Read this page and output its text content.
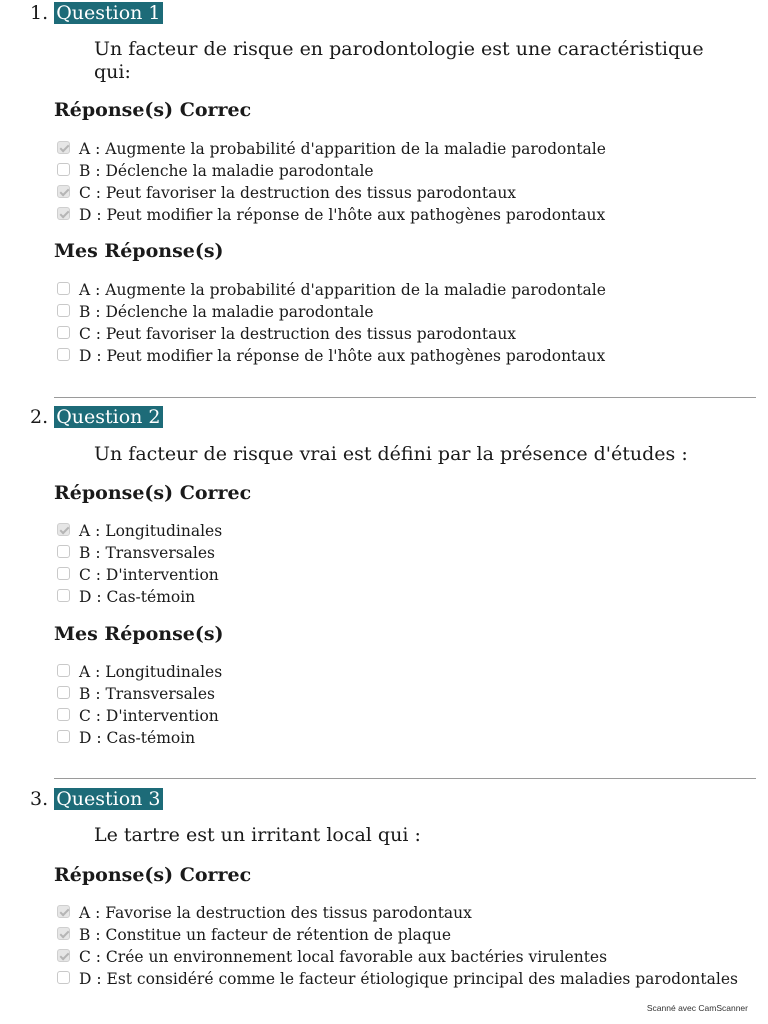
1. Question 1
Un facteur de risque en parodontologie est une caractéristique qui:
Réponse(s) Correc
A : Augmente la probabilité d'apparition de la maladie parodontale
B : Déclenche la maladie parodontale
C : Peut favoriser la destruction des tissus parodontaux
D : Peut modifier la réponse de l'hôte aux pathogènes parodontaux
Mes Réponse(s)
A : Augmente la probabilité d'apparition de la maladie parodontale
B : Déclenche la maladie parodontale
C : Peut favoriser la destruction des tissus parodontaux
D : Peut modifier la réponse de l'hôte aux pathogènes parodontaux
2. Question 2
Un facteur de risque vrai est défini par la présence d'études :
Réponse(s) Correc
A : Longitudinales
B : Transversales
C : D'intervention
D : Cas-témoin
Mes Réponse(s)
A : Longitudinales
B : Transversales
C : D'intervention
D : Cas-témoin
3. Question 3
Le tartre est un irritant local qui :
Réponse(s) Correc
A : Favorise la destruction des tissus parodontaux
B : Constitue un facteur de rétention de plaque
C : Crée un environnement local favorable aux bactéries virulentes
D : Est considéré comme le facteur étiologique principal des maladies parodontales
Scanné avec CamScanner
